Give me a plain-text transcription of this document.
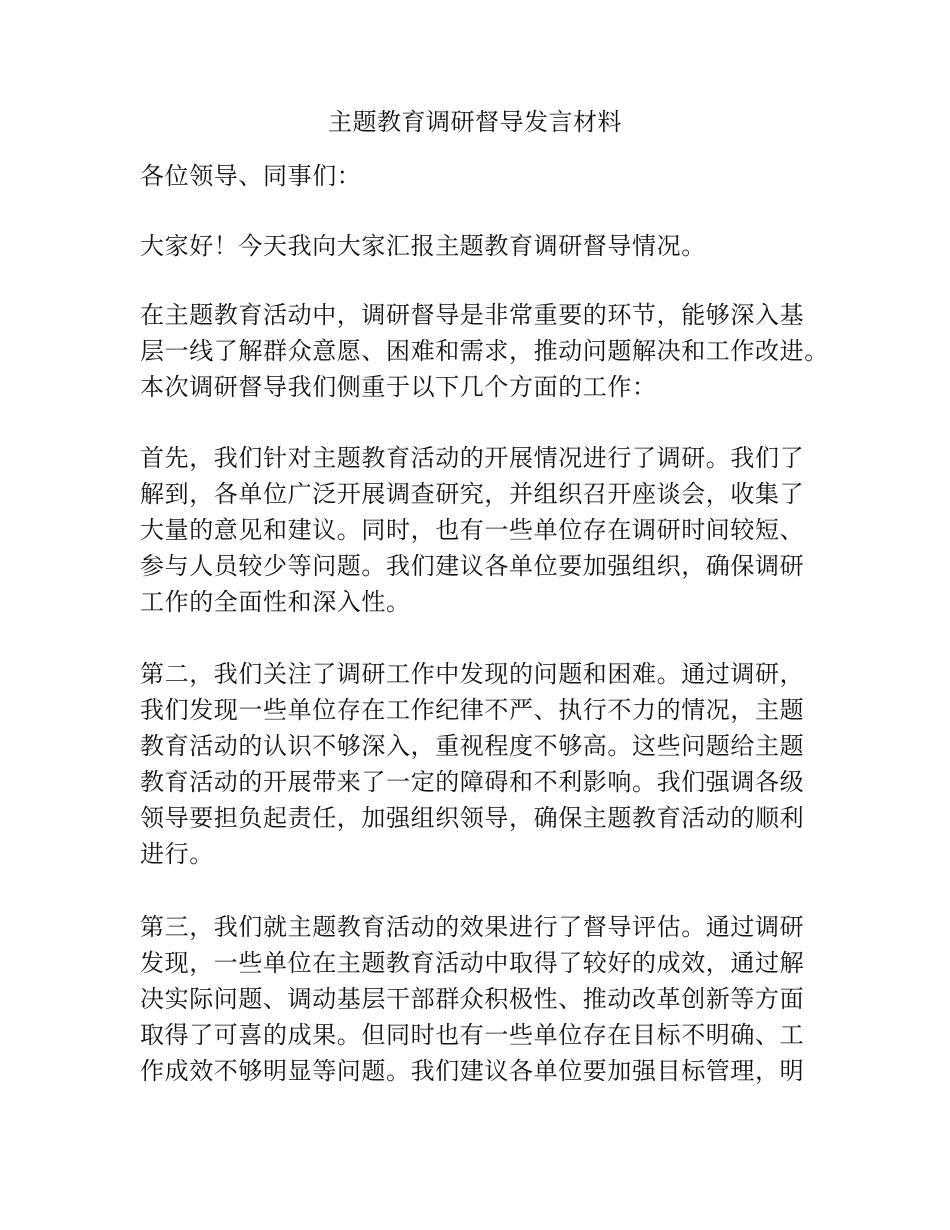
主题教育调研督导发言材料
各位领导、同事们：
大家好！今天我向大家汇报主题教育调研督导情况。
在主题教育活动中，调研督导是非常重要的环节，能够深入基
层一线了解群众意愿、困难和需求，推动问题解决和工作改进。
本次调研督导我们侧重于以下几个方面的工作：
首先，我们针对主题教育活动的开展情况进行了调研。我们了
解到，各单位广泛开展调查研究，并组织召开座谈会，收集了
大量的意见和建议。同时，也有一些单位存在调研时间较短、
参与人员较少等问题。我们建议各单位要加强组织，确保调研
工作的全面性和深入性。
第二，我们关注了调研工作中发现的问题和困难。通过调研，
我们发现一些单位存在工作纪律不严、执行不力的情况，主题
教育活动的认识不够深入，重视程度不够高。这些问题给主题
教育活动的开展带来了一定的障碍和不利影响。我们强调各级
领导要担负起责任，加强组织领导，确保主题教育活动的顺利
进行。
第三，我们就主题教育活动的效果进行了督导评估。通过调研
发现，一些单位在主题教育活动中取得了较好的成效，通过解
决实际问题、调动基层干部群众积极性、推动改革创新等方面
取得了可喜的成果。但同时也有一些单位存在目标不明确、工
作成效不够明显等问题。我们建议各单位要加强目标管理，明
